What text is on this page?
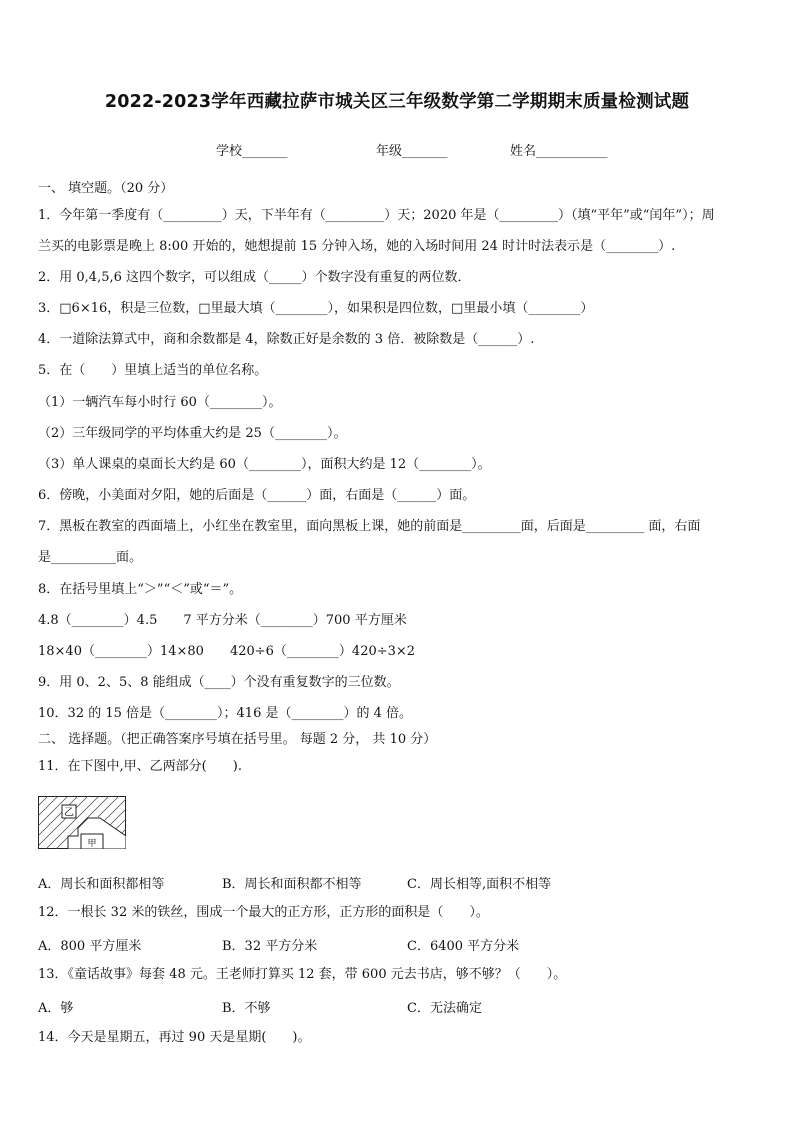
2022-2023学年西藏拉萨市城关区三年级数学第二学期期末质量检测试题
学校_______	年级_______	姓名___________
一、 填空题。（20 分）
1．今年第一季度有（_________）天，下半年有（_________）天；2020 年是（_________）（填“平年”或“闰年”）；周
兰买的电影票是晚上 8:00 开始的，她想提前 15 分钟入场，她的入场时间用 24 时计时法表示是（________）.
2．用 0,4,5,6 这四个数字，可以组成（_____）个数字没有重复的两位数．
3．□6×16，积是三位数，□里最大填（________），如果积是四位数，□里最小填（________）
4．一道除法算式中，商和余数都是 4，除数正好是余数的 3 倍．被除数是（______）.
5．在（　　）里填上适当的单位名称。
（1）一辆汽车每小时行 60（________）。
（2）三年级同学的平均体重大约是 25（________）。
（3）单人课桌的桌面长大约是 60（________），面积大约是 12（________）。
6．傍晚，小美面对夕阳，她的后面是（______）面，右面是（______）面。
7．黑板在教室的西面墙上，小红坐在教室里，面向黑板上课，她的前面是_________面，后面是_________ 面，右面
是__________面。
8．在括号里填上“＞”“＜”或“＝”。
4.8（________）4.5　　7 平方分米（________）700 平方厘米
18×40（________）14×80　　420÷6（________）420÷3×2
9．用 0、2、5、8 能组成（____）个没有重复数字的三位数。
10．32 的 15 倍是（________）；416 是（________）的 4 倍。
二、 选择题。（把正确答案序号填在括号里。 每题 2 分， 共 10 分）
11．在下图中,甲、乙两部分(　　).
乙
甲
A．周长和面积都相等	B．周长和面积都不相等	C．周长相等,面积不相等
12．一根长 32 米的铁丝，围成一个最大的正方形，正方形的面积是（　　）。
A．800 平方厘米	B．32 平方分米	C．6400 平方分米
13．《童话故事》每套 48 元。王老师打算买 12 套，带 600 元去书店，够不够？（　　）。
A．够	B．不够	C．无法确定
14．今天是星期五，再过 90 天是星期(　　)。
